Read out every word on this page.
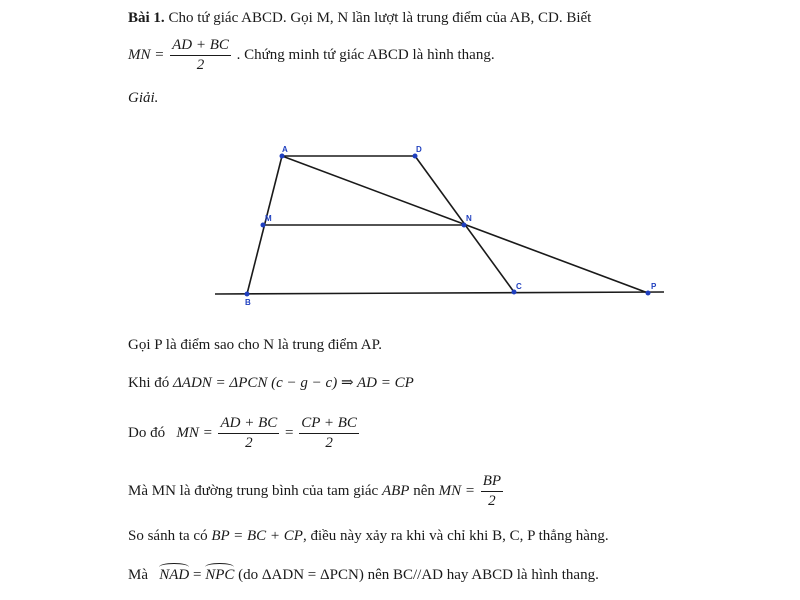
Bài 1. Cho tứ giác ABCD. Gọi M, N lần lượt là trung điểm của AB, CD. Biết
MN = $\frac{AD + BC}{2}$ . Chứng minh tứ giác ABCD là hình thang.
Giải.
A	D
M	N
B
C	P
Gọi P là điểm sao cho N là trung điểm AP.
Khi đó ΔADN = ΔPCN (c − g − c) ⇒ AD = CP
Do đó MN = $\frac{AD + BC}{2} = \frac{CP + BC}{2}$
Mà MN là đường trung bình của tam giác ABP nên MN = $\frac{BP}{2}$
So sánh ta có BP = BC + CP, điều này xảy ra khi và chỉ khi B, C, P thẳng hàng.
Mà NAD = NPC (do ΔADN = ΔPCN) nên BC//AD hay ABCD là hình thang.
